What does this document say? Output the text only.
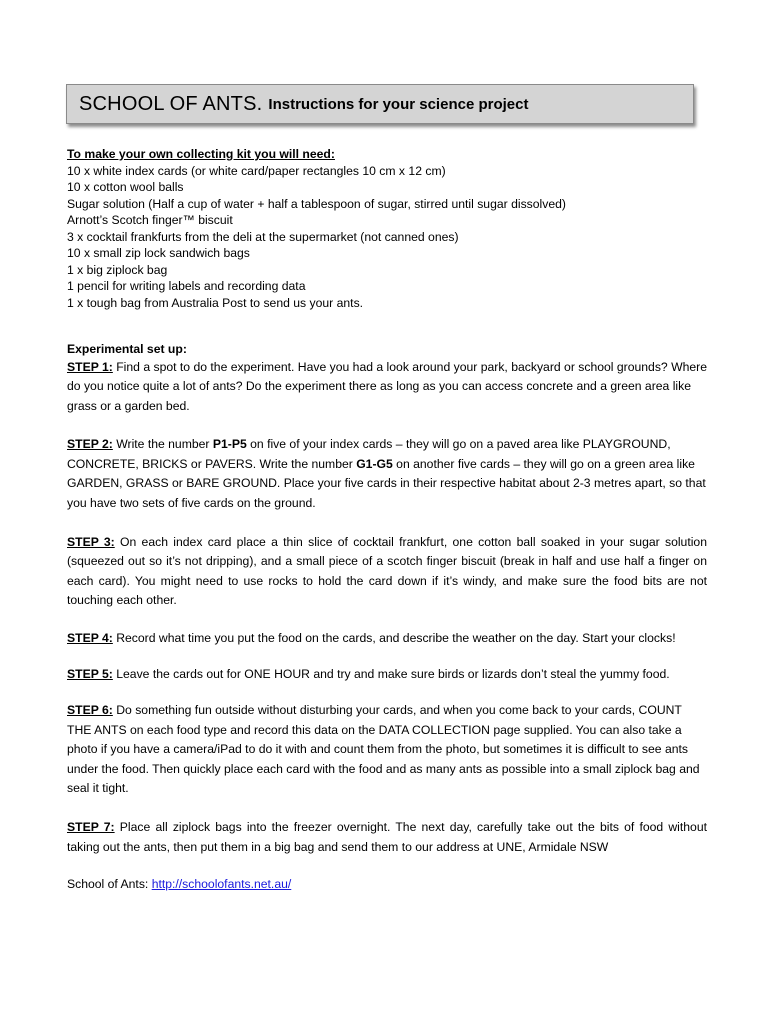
SCHOOL OF ANTS. Instructions for your science project

To make your own collecting kit you will need:

10 x white index cards (or white card/paper rectangles 10 cm x 12 cm)

10 x cotton wool balls

Sugar solution (Half a cup of water + half a tablespoon of sugar, stirred until sugar dissolved)

Arnott’s Scotch finger™ biscuit

3 x cocktail frankfurts from the deli at the supermarket (not canned ones)

10 x small zip lock sandwich bags

1 x big ziplock bag

1 pencil for writing labels and recording data

1 x tough bag from Australia Post to send us your ants.

Experimental set up:

STEP 1: Find a spot to do the experiment. Have you had a look around your park, backyard or school grounds? Where do you notice quite a lot of ants? Do the experiment there as long as you can access concrete and a green area like grass or a garden bed.

STEP 2: Write the number P1-P5 on five of your index cards – they will go on a paved area like PLAYGROUND, CONCRETE, BRICKS or PAVERS. Write the number G1-G5 on another five cards – they will go on a green area like GARDEN, GRASS or BARE GROUND. Place your five cards in their respective habitat about 2-3 metres apart, so that you have two sets of five cards on the ground.

STEP 3: On each index card place a thin slice of cocktail frankfurt, one cotton ball soaked in your sugar solution (squeezed out so it’s not dripping), and a small piece of a scotch finger biscuit (break in half and use half a finger on each card). You might need to use rocks to hold the card down if it’s windy, and make sure the food bits are not touching each other.

STEP 4: Record what time you put the food on the cards, and describe the weather on the day. Start your clocks!

STEP 5: Leave the cards out for ONE HOUR and try and make sure birds or lizards don’t steal the yummy food.

STEP 6: Do something fun outside without disturbing your cards, and when you come back to your cards, COUNT THE ANTS on each food type and record this data on the DATA COLLECTION page supplied. You can also take a photo if you have a camera/iPad to do it with and count them from the photo, but sometimes it is difficult to see ants under the food. Then quickly place each card with the food and as many ants as possible into a small ziplock bag and seal it tight.

STEP 7: Place all ziplock bags into the freezer overnight. The next day, carefully take out the bits of food without taking out the ants, then put them in a big bag and send them to our address at UNE, Armidale NSW

School of Ants: http://schoolofants.net.au/
